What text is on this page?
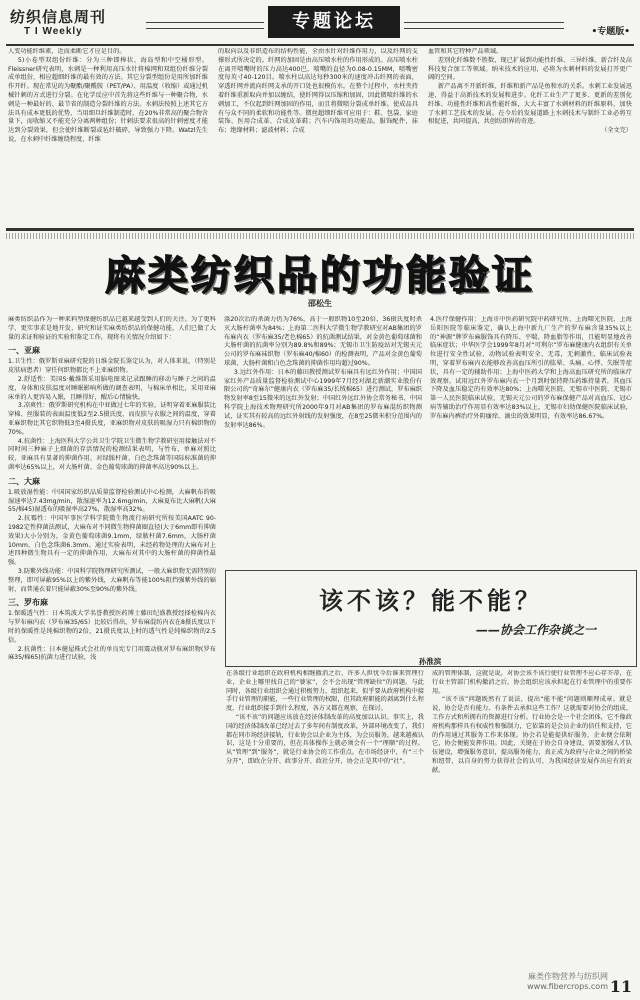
纺织信息周刊
T I Weekly	专题论坛	•专题版•

人变功能纤维素，近而柔断它才应是目的。

5)小卷型双组份纤维：分为三种即棒状、海岛型和中空桶形型。Fleissner研究表明，水刺是一种利用高压水针将棉网和双组份纤维分裂成单组份，相应超细纤维的最有效的方法。其它分裂型组份是用所加纤维作开纤。现在常见的为聚酯/聚酰胺（PET/PA）、用温度（收缩）或通过机械针刺的方式进行分裂。在化学反应中首先将这些纤维与一种聚合物，水刺是一种最好的、最节省的制造分裂纤维的方法。水刺法按照上述其它方法具有成本更低的优势，当用细旦纤维制造时，在20%非常高的聚合物含量下，而收缩又不能充分分离两种组份；针刺法要求很高的针刺密度才能达到分裂效果，但会使纤维断裂或毡纤破碎，导致强力下降。Watzl先生说，在水刺中纤维缠绕程度，纤维

的取向以及非织造布的结构性能，全由水针对纤维作用力，以及纤网的支撑形式所决定的。纤网的加固是由高压喷水柱的作用形成的。高压喷水柱在离开喷嘴时的压力高达400巴，喷嘴的直径为0.08-0.15MM，喷嘴密度每英寸40-120目。喷水柱以高达每秒300米的速度冲击纤网的表面，穿透纤网并流向纤网支承的开口处也很模仿水。在整个过程中，水柱夹持着纤维重新取向并加以缠结，使纤网得以压缩和加固，因此微喷纤维的水刺加工，不仅起到纤网加固的作用，而且将微喷分裂成单纤维。使成品具有与众不同的柔软和功能性等。微丝超细纤维可应用于：鞋、包袋、家庭装饰、医用合成革、合成皮革鞋；汽车内饰用的功能品，服饰配件，抹布；绝缘材料；滤波材料；合成

血管和其它特种产品领域。

差别化纤维数不胜数，现已扩展到功能性纤维、三异纤维、新合纤及高科技复合加工等领域。纳米技术的应用，必将为水刺材料的发展打开更广阔的空间。

新产品离不开新纤维，纤维和新产品是鱼和水的关系。水刺工业发展迅速，得益于高新技术的发展和进步。化纤工业生产了更多、更新的差别化纤维、功能性纤维和高性能纤维，大大丰富了水刺材料的纤维原料，加快了水刺工艺技术的发展。在今后的发展道路上水刺技术与制纤工业必将互相促进，共同提高，共创纺织界的奇迹。

（全文完）
麻类纺织品的功能验证
邵松生

麻类纺织品作为一种来料型保健纺织品已越来越受到人们的关注。为了更科学、更实事求是地开发、研究和证实麻类纺织品的保健功能，人们已做了大量的求证和验证的实验和鉴定工作，现将有关情况介绍如下：

一、亚麻

1.卫生性：俄罗斯亚麻研究院的日维金院长鉴定认为，对人体来说，（特别是皮肤病患者）穿任何织物都比不上亚麻织物。

2.舒适性：美国S·戴维斯采用脑电图来记录跟睡的移动与睡子之间的温度，身体和皮肤温度对睡眠影响所做的调查表明，与棉床单相比，采用亚麻床单的人更容易入眠，且睡得好，醒后心情愉快。

3.凉爽性：俄罗斯研究机构在中亚做过七年的实验，证明穿着亚麻服装比穿棉、丝服装的表面温度低2至2.5摄氏度，而皮肤与衣服之间的温度，穿着亚麻织物比其它织物低3至4摄氏度，亚麻织物对皮肤的吸湿力只有棉织物的70%。

4.抗菌性：上海医科大学公共卫生学院卫生微生物学教研室用接触法对不同时间三种麻子上细菌的存活情况的检测结果表明，与竹布、单麻对照比较，亚麻具有显著的抑菌作用，对绿脓杆菌、白色念珠菌等国际标准菌的抑菌率达65%以上，对大肠杆菌、金色葡萄球菌的抑菌率高达90%以上。

二、大麻

1.吸放湿性能：中国国家纺织品质量监督检验测试中心检测，大麻帆布的吸湿速率达7.43mg/min，散湿速率为12.6mg/min，大麻夏布比大麻帆(大麻55/棉45)湿透布的吸湿率高27%，散湿率高32%。

2.抗霉性：中国军事医学科学院微生物流行病研究所按美国AATC 90-1982定性抑菌法测试，大麻布对不同微生物抑菌圈直径(大于6mm即有抑菌效果)大小分别为，金黄色葡萄球菌9.1mm，绿脓杆菌7.6mm，大肠杆菌10mm，白色念珠菌6.3mm。通过实验表明，未经药物处理的大麻布对上述四种微生物具有一定的抑菌作用，大麻布对其中的大肠杆菌的抑菌性最强。

3.防紫外线功能：中国科学院物理研究所测试，一般大麻织物无需特别的整理，即可屏蔽95%以上的紫外线，大麻帆布等能100%阻挡强紫外线的辐射，而普通衣着只能屏蔽30%至90%的紫外线。

三、罗布麻

1.保暖透气性：日本筑波大学名誉教授医药博士藤田纪盛教授经择检棉内衣与罗布麻内衣（罗布麻35/65）比较后得出，罗布麻混纺内衣在8摄氏度以下时的保暖性是纯棉织物的2倍，21摄氏度以上时的透气性是纯棉织物的2.5倍。

2.抗菌性：日本健屋株式会社的单良宪专门用震动瓶对罗布麻织物(罗布麻35/棉65)抗菌力进行试验，浅

涤20次后的杀菌力仍为76%，高于一般织物10至20倍，36摄氏度时杀灭大肠杆菌率为84%；上海第二医科大学微生物学教研室对AB集团的罗布麻内衣（罗布麻35/老色棉65）的抗菌测试结果，对金黄色葡萄球菌和大肠杆菌的抗菌率分别为89.8%和89%；无锡市卫生防疫站对无锡天元公司的罗布麻袜织物（罗布麻40/棉60）的检测表明，产品对金黄色葡萄球菌、大肠杆菌和白色念珠菌的抑菌作用均超过90%。

3.远红外作用：日本的藤田教授测试罗布麻具有远红外作用；中国国家红外产品质量监督检验测试中心1999年7月经对湖北新潮实业股份有限公司的“奇麻尔”健康内衣（罗布麻35/长绒棉65）进行测试，罗布麻织物发射率8至15微米的远红外发射；中国红外远红外协会常务秘书、中国科学院上海技术物理研究所2000年9月对AB集团的罗布麻混纺织物测试，证实其有较高的远红外射线的发射强度，在8至25微米积分范围内的发射率达86%。

4.医疗保健作用：上海市中医药研究院中药研究所、上海曙光医院、上海岳阳医院等临床鉴定，确认上海中新九厂生产的罗布麻含量35%以上的“神源”牌罗布麻服饰具有降压、平喘、降血脂等作用，且能明显地改善临床症状；中华医学会1999年8月对“可利尔”罗布麻健康内衣组织有关单位进行安全性试验、动物试验表明安全、无毒，无刺激性，临床试验表明，穿着罗布麻内衣能够改善高血压所引的肱晕、头痛、心悸、失眠等症状，具有一定的辅助作用；上海中医药大学和上海高血压研究所的临床疗效观察，试用远红外罗布麻内衣一个月到时保持降压药维持量者，其血压下降及血压稳定的有效率达80%；上海曙光医院、无锡市中医院、无锡市第一人民医院临床试验，无锡天元公司的罗布麻保健产品对高血压、冠心病等辅助治疗作用显有效率达83%以上，无锡市妇幼保健医院临床试验，罗布麻内裤治疗外阴瘙痒、滴虫的效果明显，有效率达86.67%。

该不该？能不能？
——协会工作杂谈之一
孙淮滨

在各级行业组织在政府机构相继撤消之后，许多人担忧今后谁来管理行业，企业上哪里找自己的“婆家”，会不会出现“管理缺位”的问题。与此同时，各级行业组织会通过积极努力，组织起来，似乎要从政府机构中接手行业管理的职能，一些行业管理的权限，但其政府职能的剥离到什么程度，行业组织接手到什么程度，各方又都在观察，在探讨。

“该不该”的问题应该放在经济体制改革的高度加以认识。事实上，我国的经济体制改革已经过去了多年间有制度改革，外部环境改变了，我们都在同市场经济接轨，行业协会以企业为主体，为会员服务，越来越被认识，这是十分重要的，但在具体操作上就必须会有一个“理顺”的过程。从“管理”到“服务”，就是行业协会的工作重点。在市场经济中，有“三个分开”，即政企分开、政事分开、政社分开，协会正是其中的“社”。

成的管理体制，这就是说，对协会该不该行使行业管理不应心存芥蒂，在行业主管部门机构撤消之后，协会组织应该承担起在行业管理中的重要作用。

“该不该”问题既然有了说法，提出“能不能”问题则顺理成章。就是说，协会是否有能力、有条件去承担这些工作？这就需要对协会的组成、工作方式和所拥有的资源进行分析。行业协会是一个社会团体，它不像政府机构那样具有权威性和强制力，它依靠的是会员企业的信任和支持，它的作用通过其服务工作来体现。协会若是能提供好服务，企业便会依附它，协会便能发挥作用。因此，关键在于协会自身建设，需要加强人才队伍建设，增强服务意识，提高服务能力，真正成为政府与企业之间的桥梁和纽带，以自身的努力获得社会的认可，为我国经济发展作出应有的贡献。

麻类作物营养与纺织网
www.fibercrops.com 11
